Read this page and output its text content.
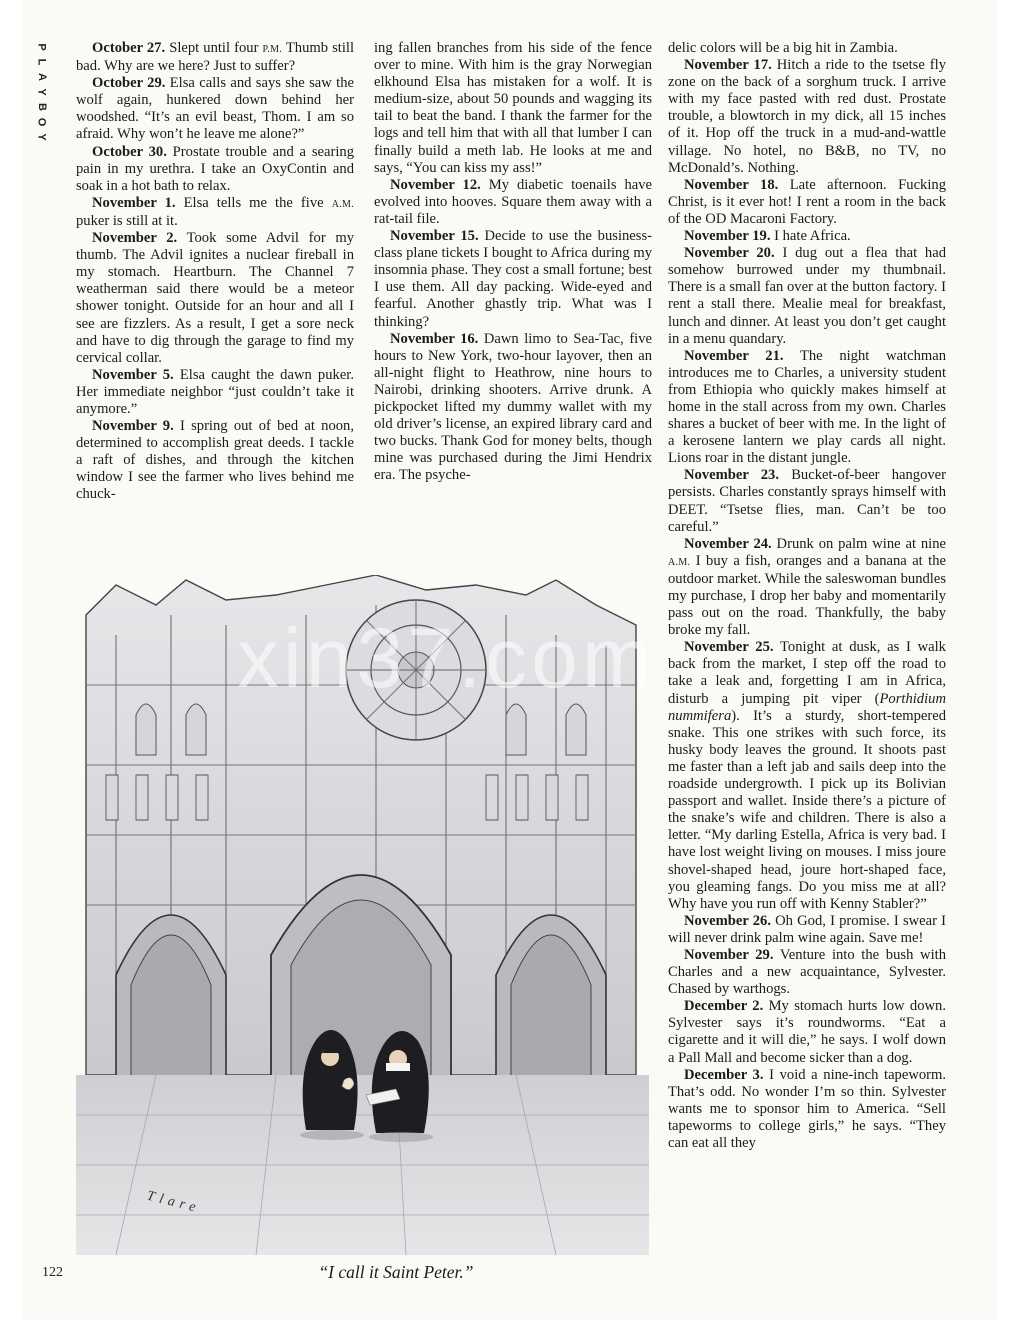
P
L
A
Y
B
O
Y

October 27. Slept until four P.M. Thumb still bad. Why are we here? Just to suffer?

October 29. Elsa calls and says she saw the wolf again, hunkered down behind her woodshed. “It’s an evil beast, Thom. I am so afraid. Why won’t he leave me alone?”

October 30. Prostate trouble and a searing pain in my urethra. I take an OxyContin and soak in a hot bath to relax.

November 1. Elsa tells me the five A.M. puker is still at it.

November 2. Took some Advil for my thumb. The Advil ignites a nuclear fireball in my stomach. Heartburn. The Channel 7 weatherman said there would be a meteor shower tonight. Outside for an hour and all I see are fizzlers. As a result, I get a sore neck and have to dig through the garage to find my cervical collar.

November 5. Elsa caught the dawn puker. Her immediate neighbor “just couldn’t take it anymore.”

November 9. I spring out of bed at noon, determined to accomplish great deeds. I tackle a raft of dishes, and through the kitchen window I see the farmer who lives behind me chuck-

ing fallen branches from his side of the fence over to mine. With him is the gray Norwegian elkhound Elsa has mistaken for a wolf. It is medium-size, about 50 pounds and wagging its tail to beat the band. I thank the farmer for the logs and tell him that with all that lumber I can finally build a meth lab. He looks at me and says, “You can kiss my ass!”

November 12. My diabetic toenails have evolved into hooves. Square them away with a rat-tail file.

November 15. Decide to use the business-class plane tickets I bought to Africa during my insomnia phase. They cost a small fortune; best I use them. All day packing. Wide-eyed and fearful. Another ghastly trip. What was I thinking?

November 16. Dawn limo to Sea-Tac, five hours to New York, two-hour layover, then an all-night flight to Heathrow, nine hours to Nairobi, drinking shooters. Arrive drunk. A pickpocket lifted my dummy wallet with my old driver’s license, an expired library card and two bucks. Thank God for money belts, though mine was purchased during the Jimi Hendrix era. The psyche-

delic colors will be a big hit in Zambia.

November 17. Hitch a ride to the tsetse fly zone on the back of a sorghum truck. I arrive with my face pasted with red dust. Prostate trouble, a blowtorch in my dick, all 15 inches of it. Hop off the truck in a mud-and-wattle village. No hotel, no B&B, no TV, no McDonald’s. Nothing.

November 18. Late afternoon. Fucking Christ, is it ever hot! I rent a room in the back of the OD Macaroni Factory.

November 19. I hate Africa.

November 20. I dug out a flea that had somehow burrowed under my thumbnail. There is a small fan over at the button factory. I rent a stall there. Mealie meal for breakfast, lunch and dinner. At least you don’t get caught in a menu quandary.

November 21. The night watchman introduces me to Charles, a university student from Ethiopia who quickly makes himself at home in the stall across from my own. Charles shares a bucket of beer with me. In the light of a kerosene lantern we play cards all night. Lions roar in the distant jungle.

November 23. Bucket-of-beer hangover persists. Charles constantly sprays himself with DEET. “Tsetse flies, man. Can’t be too careful.”

November 24. Drunk on palm wine at nine A.M. I buy a fish, oranges and a banana at the outdoor market. While the saleswoman bundles my purchase, I drop her baby and momentarily pass out on the road. Thankfully, the baby broke my fall.

November 25. Tonight at dusk, as I walk back from the market, I step off the road to take a leak and, forgetting I am in Africa, disturb a jumping pit viper (Porthidium nummifera). It’s a sturdy, short-tempered snake. This one strikes with such force, its husky body leaves the ground. It shoots past me faster than a left jab and sails deep into the roadside undergrowth. I pick up its Bolivian passport and wallet. Inside there’s a picture of the snake’s wife and children. There is also a letter. “My darling Estella, Africa is very bad. I have lost weight living on mouses. I miss joure shovel-shaped head, joure hort-shaped face, you gleaming fangs. Do you miss me at all? Why have you run off with Kenny Stabler?”

November 26. Oh God, I promise. I swear I will never drink palm wine again. Save me!

November 29. Venture into the bush with Charles and a new acquaintance, Sylvester. Chased by warthogs.

December 2. My stomach hurts low down. Sylvester says it’s roundworms. “Eat a cigarette and it will die,” he says. I wolf down a Pall Mall and become sicker than a dog.

December 3. I void a nine-inch tapeworm. That’s odd. No wonder I’m so thin. Sylvester wants me to sponsor him to America. “Sell tapeworms to college girls,” he says. “They can eat all they

Tlare
xin37.com
122	“I call it Saint Peter.”
